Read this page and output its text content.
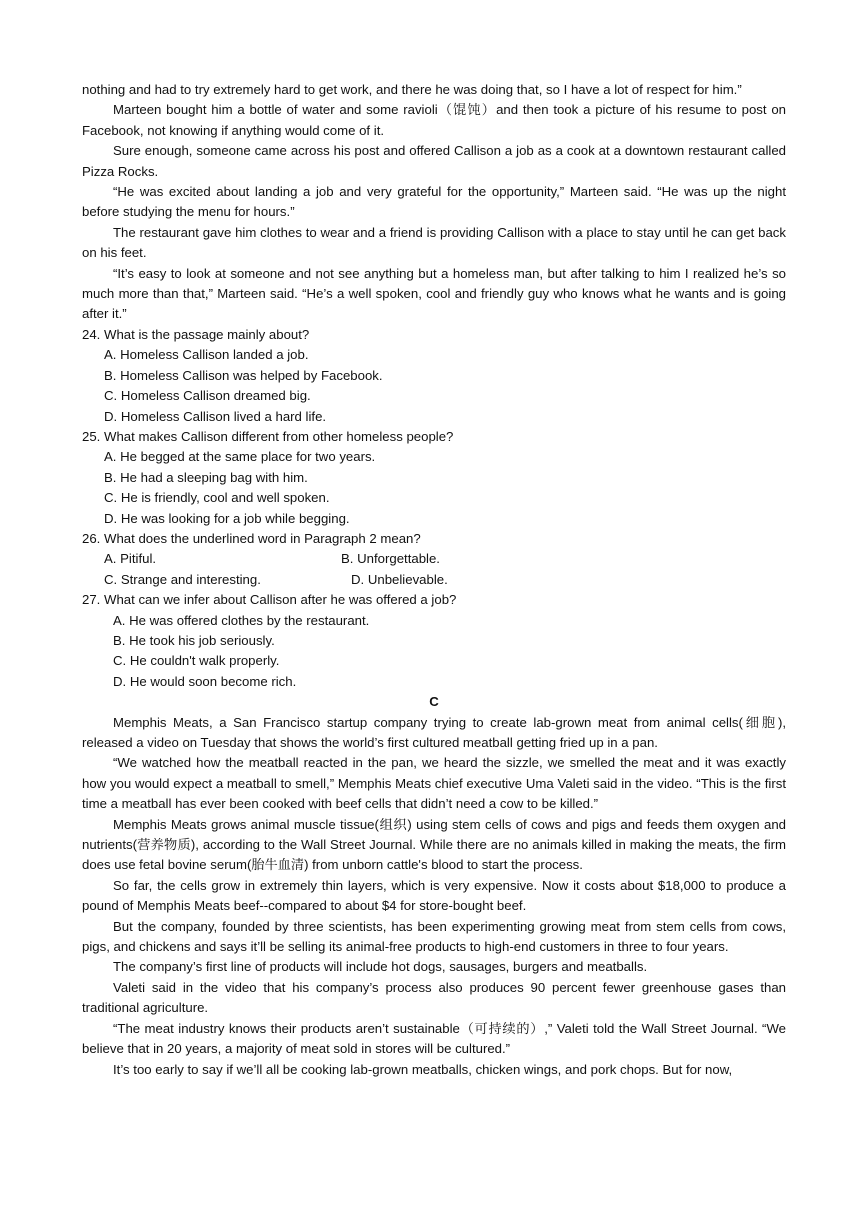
nothing and had to try extremely hard to get work, and there he was doing that, so I have a lot of respect for him.”

Marteen bought him a bottle of water and some ravioli（馄饨）and then took a picture of his resume to post on Facebook, not knowing if anything would come of it.

Sure enough, someone came across his post and offered Callison a job as a cook at a downtown restaurant called Pizza Rocks.

“He was excited about landing a job and very grateful for the opportunity,” Marteen said. “He was up the night before studying the menu for hours.”

The restaurant gave him clothes to wear and a friend is providing Callison with a place to stay until he can get back on his feet.

“It’s easy to look at someone and not see anything but a homeless man, but after talking to him I realized he’s so much more than that,” Marteen said. “He’s a well spoken, cool and friendly guy who knows what he wants and is going after it.”

24. What is the passage mainly about?

A. Homeless Callison landed a job.

B. Homeless Callison was helped by Facebook.

C. Homeless Callison dreamed big.

D. Homeless Callison lived a hard life.

25. What makes Callison different from other homeless people?

A. He begged at the same place for two years.

B. He had a sleeping bag with him.

C. He is friendly, cool and well spoken.

D. He was looking for a job while begging.

26. What does the underlined word in Paragraph 2 mean?

A. Pitiful.	B. Unforgettable.
C. Strange and interesting.	D. Unbelievable.

27. What can we infer about Callison after he was offered a job?

A. He was offered clothes by the restaurant.

B. He took his job seriously.

C. He couldn't walk properly.

D. He would soon become rich.

C

Memphis Meats, a San Francisco startup company trying to create lab-grown meat from animal cells(细胞), released a video on Tuesday that shows the world’s first cultured meatball getting fried up in a pan.

“We watched how the meatball reacted in the pan, we heard the sizzle, we smelled the meat and it was exactly how you would expect a meatball to smell,” Memphis Meats chief executive Uma Valeti said in the video. “This is the first time a meatball has ever been cooked with beef cells that didn’t need a cow to be killed.”

Memphis Meats grows animal muscle tissue(组织) using stem cells of cows and pigs and feeds them oxygen and nutrients(营养物质), according to the Wall Street Journal. While there are no animals killed in making the meats, the firm does use fetal bovine serum(胎牛血清) from unborn cattle's blood to start the process.

So far, the cells grow in extremely thin layers, which is very expensive. Now it costs about $18,000 to produce a pound of Memphis Meats beef--compared to about $4 for store-bought beef.

But the company, founded by three scientists, has been experimenting growing meat from stem cells from cows, pigs, and chickens and says it’ll be selling its animal-free products to high-end customers in three to four years.

The company’s first line of products will include hot dogs, sausages, burgers and meatballs.

Valeti said in the video that his company’s process also produces 90 percent fewer greenhouse gases than traditional agriculture.

“The meat industry knows their products aren’t sustainable（可持续的）,” Valeti told the Wall Street Journal. “We believe that in 20 years, a majority of meat sold in stores will be cultured.”

It’s too early to say if we’ll all be cooking lab-grown meatballs, chicken wings, and pork chops. But for now,
